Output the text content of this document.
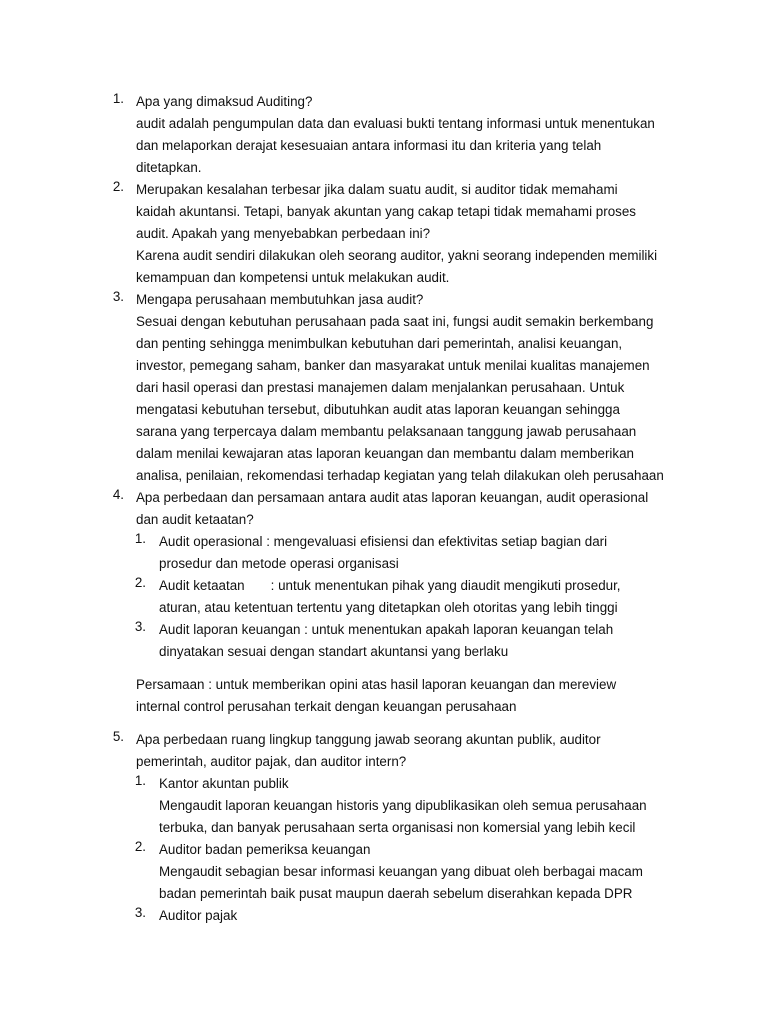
1. Apa yang dimaksud Auditing?
audit adalah pengumpulan data dan evaluasi bukti tentang informasi untuk menentukan
dan melaporkan derajat kesesuaian antara informasi itu dan kriteria yang telah
ditetapkan.
2. Merupakan kesalahan terbesar jika dalam suatu audit, si auditor tidak memahami
kaidah akuntansi. Tetapi, banyak akuntan yang cakap tetapi tidak memahami proses
audit. Apakah yang menyebabkan perbedaan ini?
Karena audit sendiri dilakukan oleh seorang auditor, yakni seorang independen memiliki
kemampuan dan kompetensi untuk melakukan audit.
3. Mengapa perusahaan membutuhkan jasa audit?
Sesuai dengan kebutuhan perusahaan pada saat ini, fungsi audit semakin berkembang
dan penting sehingga menimbulkan kebutuhan dari pemerintah, analisi keuangan,
investor, pemegang saham, banker dan masyarakat untuk menilai kualitas manajemen
dari hasil operasi dan prestasi manajemen dalam menjalankan perusahaan. Untuk
mengatasi kebutuhan tersebut, dibutuhkan audit atas laporan keuangan sehingga
sarana yang terpercaya dalam membantu pelaksanaan tanggung jawab perusahaan
dalam menilai kewajaran atas laporan keuangan dan membantu dalam memberikan
analisa, penilaian, rekomendasi terhadap kegiatan yang telah dilakukan oleh perusahaan
4. Apa perbedaan dan persamaan antara audit atas laporan keuangan, audit operasional
dan audit ketaatan?
1. Audit operasional : mengevaluasi efisiensi dan efektivitas setiap bagian dari
prosedur dan metode operasi organisasi
2. Audit ketaatan       : untuk menentukan pihak yang diaudit mengikuti prosedur,
aturan, atau ketentuan tertentu yang ditetapkan oleh otoritas yang lebih tinggi
3. Audit laporan keuangan : untuk menentukan apakah laporan keuangan telah
dinyatakan sesuai dengan standart akuntansi yang berlaku
Persamaan : untuk memberikan opini atas hasil laporan keuangan dan mereview
internal control perusahan terkait dengan keuangan perusahaan
5. Apa perbedaan ruang lingkup tanggung jawab seorang akuntan publik, auditor
pemerintah, auditor pajak, dan auditor intern?
1. Kantor akuntan publik
Mengaudit laporan keuangan historis yang dipublikasikan oleh semua perusahaan
terbuka, dan banyak perusahaan serta organisasi non komersial yang lebih kecil
2. Auditor badan pemeriksa keuangan
Mengaudit sebagian besar informasi keuangan yang dibuat oleh berbagai macam
badan pemerintah baik pusat maupun daerah sebelum diserahkan kepada DPR
3. Auditor pajak
